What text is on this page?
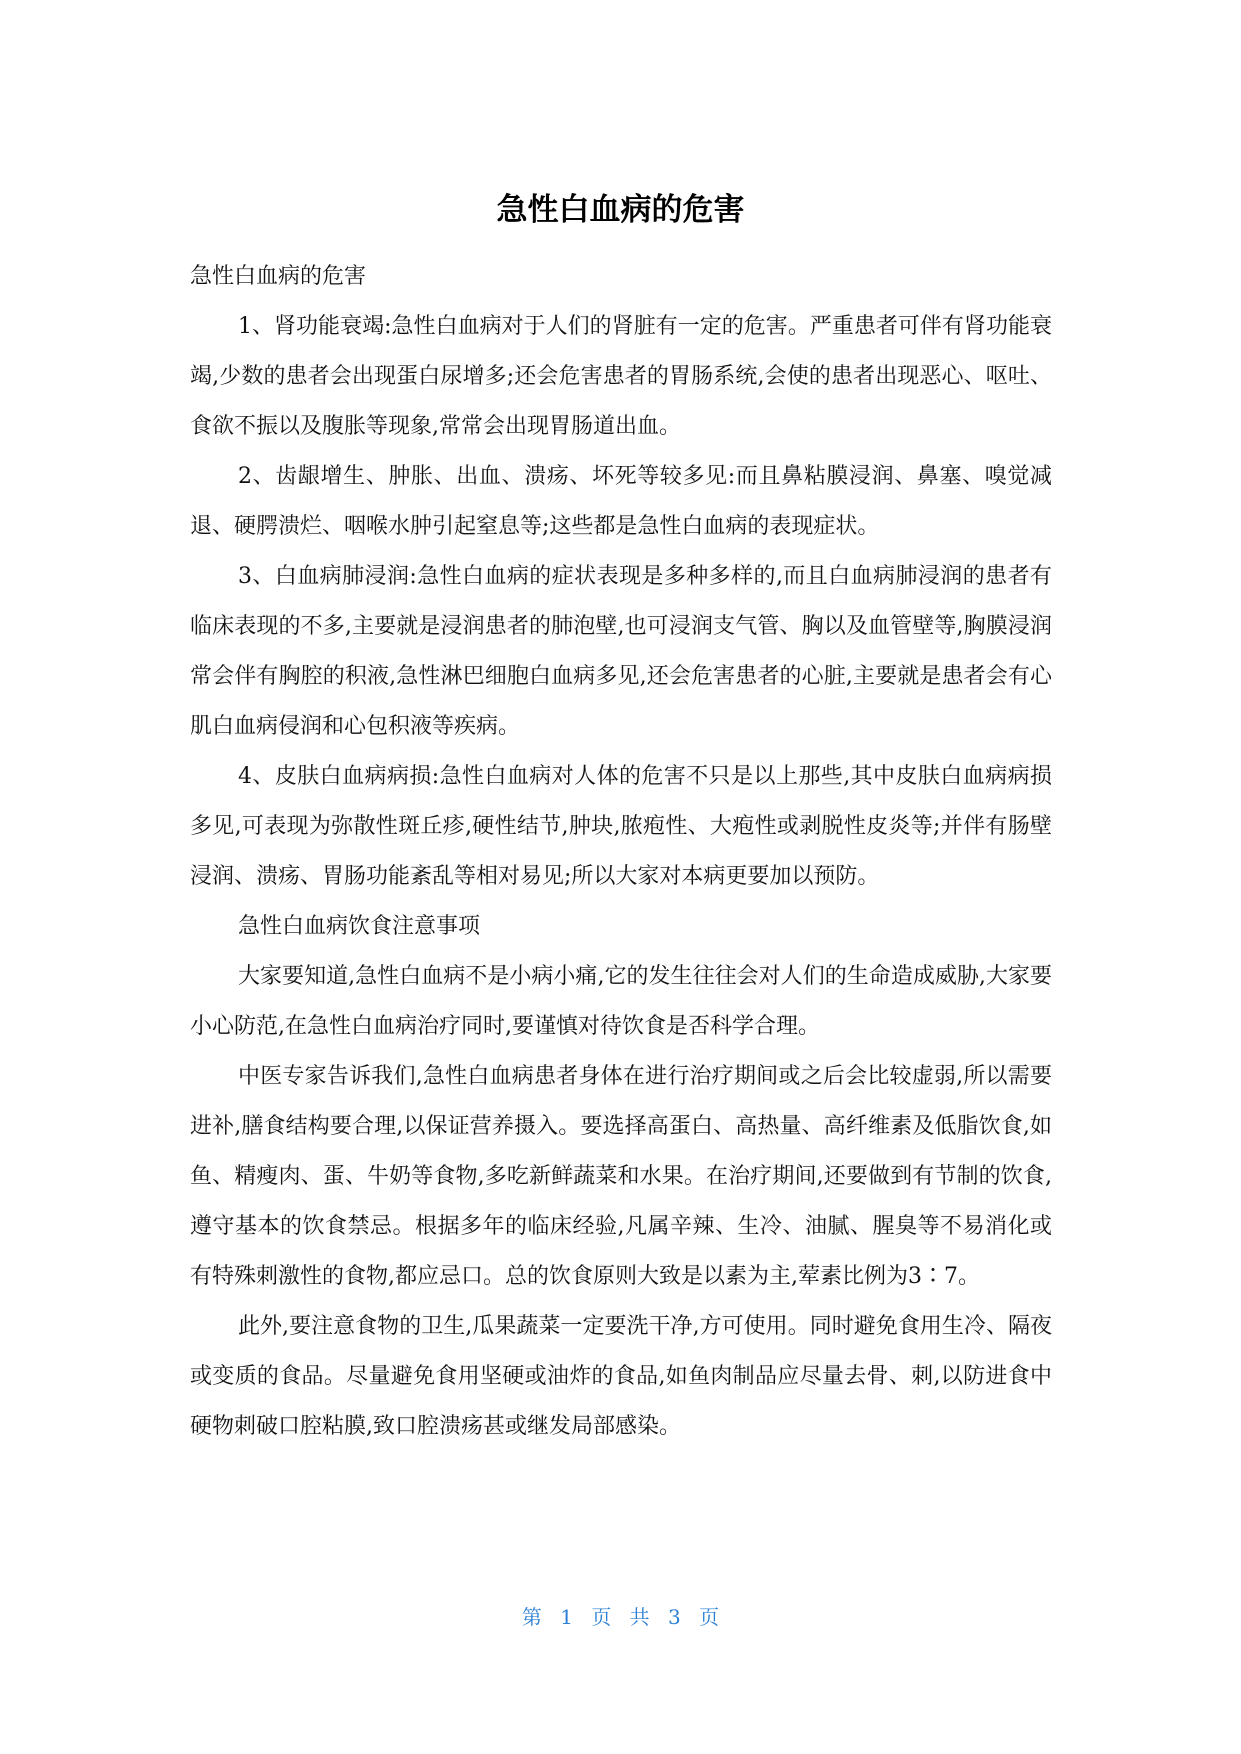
急性白血病的危害

急性白血病的危害

1、肾功能衰竭:急性白血病对于人们的肾脏有一定的危害。严重患者可伴有肾功能衰竭,少数的患者会出现蛋白尿增多;还会危害患者的胃肠系统,会使的患者出现恶心、呕吐、食欲不振以及腹胀等现象,常常会出现胃肠道出血。

2、齿龈增生、肿胀、出血、溃疡、坏死等较多见:而且鼻粘膜浸润、鼻塞、嗅觉减退、硬腭溃烂、咽喉水肿引起窒息等;这些都是急性白血病的表现症状。

3、白血病肺浸润:急性白血病的症状表现是多种多样的,而且白血病肺浸润的患者有临床表现的不多,主要就是浸润患者的肺泡壁,也可浸润支气管、胸以及血管壁等,胸膜浸润常会伴有胸腔的积液,急性淋巴细胞白血病多见,还会危害患者的心脏,主要就是患者会有心肌白血病侵润和心包积液等疾病。

4、皮肤白血病病损:急性白血病对人体的危害不只是以上那些,其中皮肤白血病病损多见,可表现为弥散性斑丘疹,硬性结节,肿块,脓疱性、大疱性或剥脱性皮炎等;并伴有肠壁浸润、溃疡、胃肠功能紊乱等相对易见;所以大家对本病更要加以预防。

急性白血病饮食注意事项

大家要知道,急性白血病不是小病小痛,它的发生往往会对人们的生命造成威胁,大家要小心防范,在急性白血病治疗同时,要谨慎对待饮食是否科学合理。

中医专家告诉我们,急性白血病患者身体在进行治疗期间或之后会比较虚弱,所以需要进补,膳食结构要合理,以保证营养摄入。要选择高蛋白、高热量、高纤维素及低脂饮食,如鱼、精瘦肉、蛋、牛奶等食物,多吃新鲜蔬菜和水果。在治疗期间,还要做到有节制的饮食,遵守基本的饮食禁忌。根据多年的临床经验,凡属辛辣、生冷、油腻、腥臭等不易消化或有特殊刺激性的食物,都应忌口。总的饮食原则大致是以素为主,荤素比例为3∶7。

此外,要注意食物的卫生,瓜果蔬菜一定要洗干净,方可使用。同时避免食用生冷、隔夜或变质的食品。尽量避免食用坚硬或油炸的食品,如鱼肉制品应尽量去骨、刺,以防进食中硬物刺破口腔粘膜,致口腔溃疡甚或继发局部感染。

第 1 页 共 3 页
